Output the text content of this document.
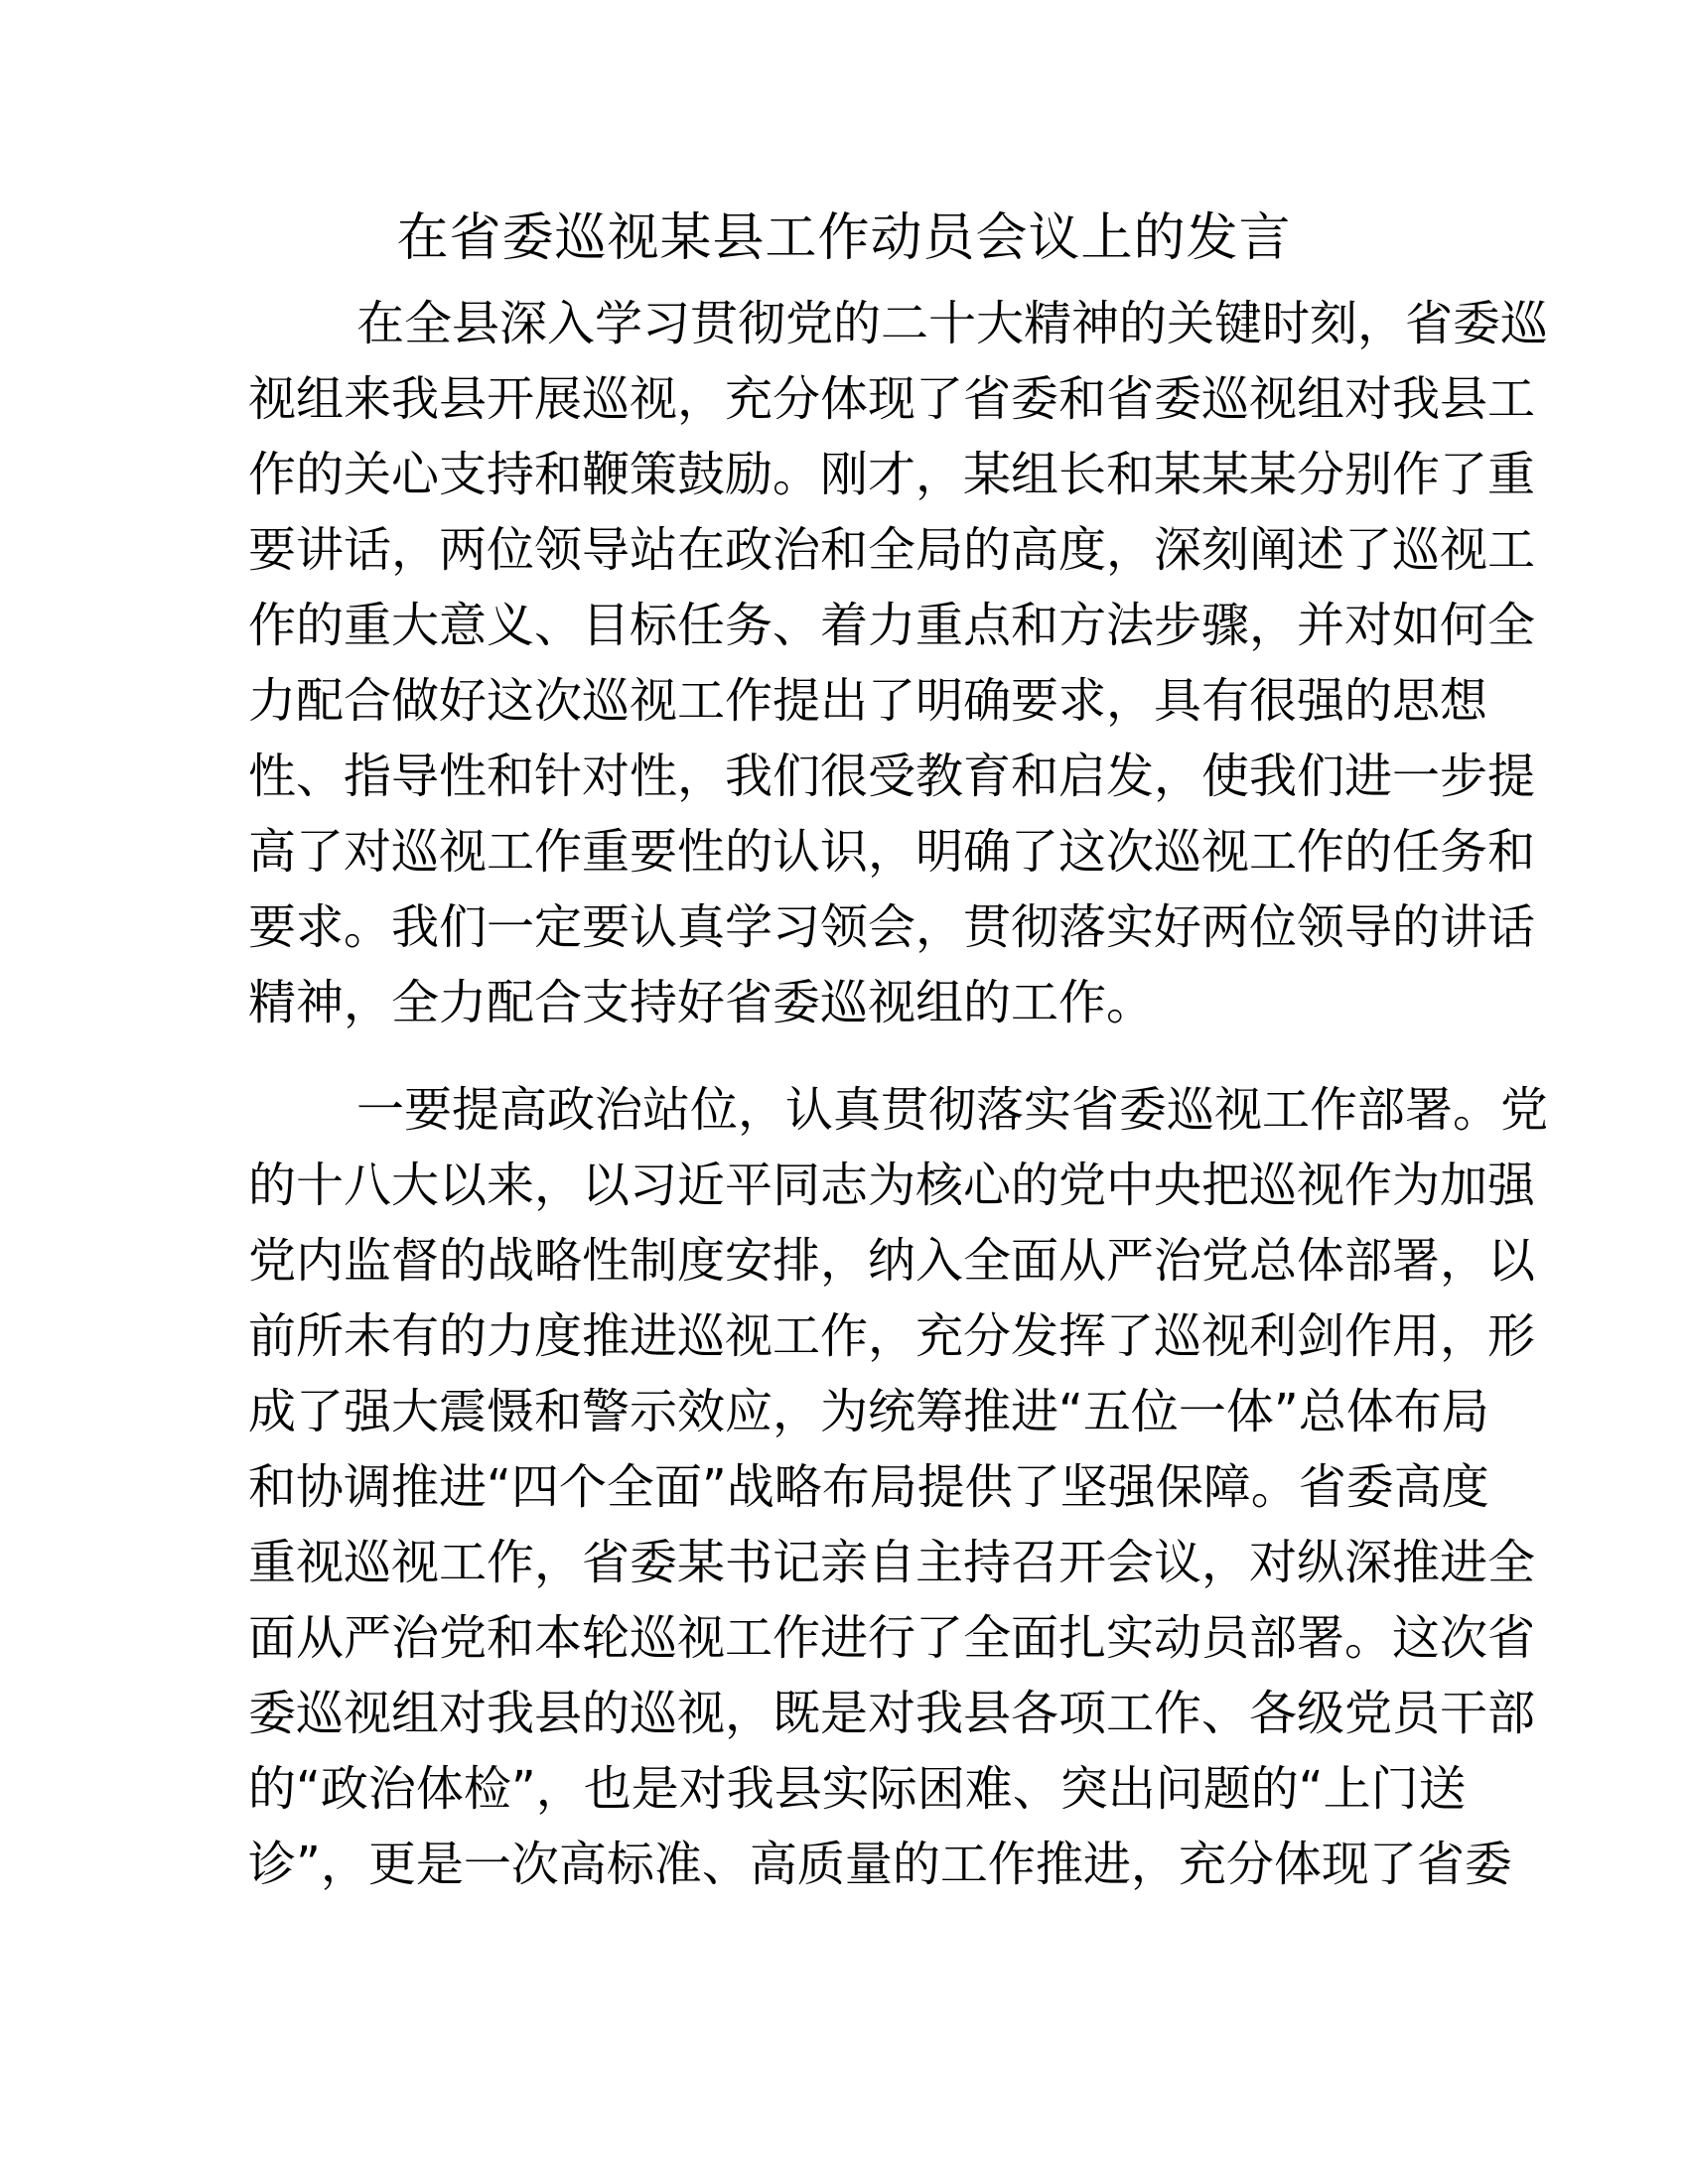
在省委巡视某县工作动员会议上的发言
在全县深入学习贯彻党的二十大精神的关键时刻，省委巡
视组来我县开展巡视，充分体现了省委和省委巡视组对我县工
作的关心支持和鞭策鼓励。刚才，某组长和某某某分别作了重
要讲话，两位领导站在政治和全局的高度，深刻阐述了巡视工
作的重大意义、目标任务、着力重点和方法步骤，并对如何全
力配合做好这次巡视工作提出了明确要求，具有很强的思想
性、指导性和针对性，我们很受教育和启发，使我们进一步提
高了对巡视工作重要性的认识，明确了这次巡视工作的任务和
要求。我们一定要认真学习领会，贯彻落实好两位领导的讲话
精神，全力配合支持好省委巡视组的工作。
一要提高政治站位，认真贯彻落实省委巡视工作部署。党
的十八大以来，以习近平同志为核心的党中央把巡视作为加强
党内监督的战略性制度安排，纳入全面从严治党总体部署，以
前所未有的力度推进巡视工作，充分发挥了巡视利剑作用，形
成了强大震慑和警示效应，为统筹推进“五位一体”总体布局
和协调推进“四个全面”战略布局提供了坚强保障。省委高度
重视巡视工作，省委某书记亲自主持召开会议，对纵深推进全
面从严治党和本轮巡视工作进行了全面扎实动员部署。这次省
委巡视组对我县的巡视，既是对我县各项工作、各级党员干部
的“政治体检”，也是对我县实际困难、突出问题的“上门送
诊”，更是一次高标准、高质量的工作推进，充分体现了省委
